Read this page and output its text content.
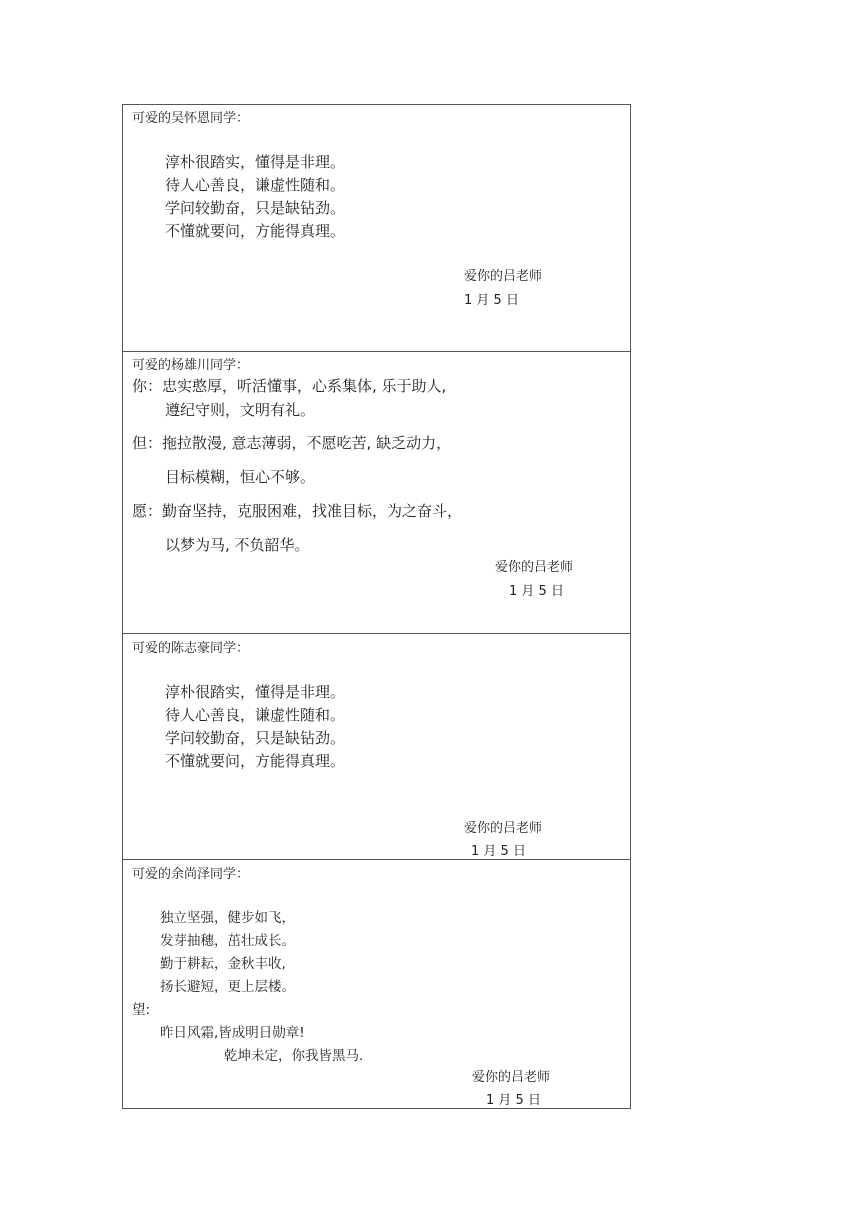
可爱的吴怀恩同学：
淳朴很踏实，懂得是非理。
待人心善良，谦虚性随和。
学问较勤奋，只是缺钻劲。
不懂就要问，方能得真理。
爱你的吕老师
1 月 5 日
可爱的杨雄川同学：
你：忠实憨厚，听活懂事，心系集体, 乐于助人,
遵纪守则，文明有礼。
但：拖拉散漫, 意志薄弱，不愿吃苦, 缺乏动力，
目标模糊，恒心不够。
愿：勤奋坚持，克服困难，找准目标，为之奋斗，
以梦为马, 不负韶华。
爱你的吕老师
1 月 5 日
可爱的陈志豪同学：
淳朴很踏实，懂得是非理。
待人心善良，谦虚性随和。
学问较勤奋，只是缺钻劲。
不懂就要问，方能得真理。
爱你的吕老师
1 月 5 日
可爱的余尚泽同学：
独立坚强，健步如飞，
发芽抽穗，茁壮成长。
勤于耕耘，金秋丰收,
扬长避短，更上层楼。
望:
昨日风霜,皆成明日勋章!
乾坤未定，你我皆黑马.
爱你的吕老师
1 月 5 日
